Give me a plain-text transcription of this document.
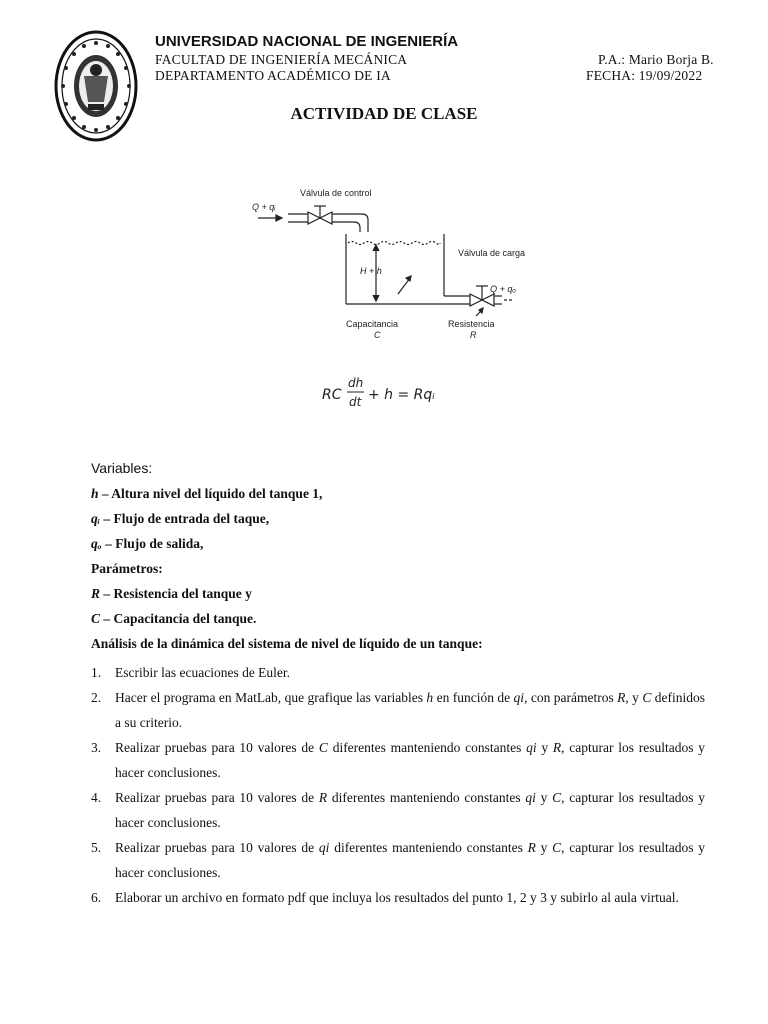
UNIVERSIDAD NACIONAL DE INGENIERÍA
FACULTAD DE INGENIERÍA MECÁNICA
DEPARTAMENTO ACADÉMICO DE IA
P.A.: Mario Borja B.
FECHA: 19/09/2022
ACTIVIDAD DE CLASE
Válvula de control
Q + qᵢ
Válvula de carga
Q + qₒ
H + h
Capacitancia
C
Resistencia
R
RC
dh
dt + h = Rqᵢ
Variables:
h – Altura nivel del líquido del tanque 1,
qᵢ – Flujo de entrada del taque,
qₒ – Flujo de salida,
Parámetros:
R – Resistencia del tanque y
C – Capacitancia del tanque.
Análisis de la dinámica del sistema de nivel de líquido de un tanque:
1.	Escribir las ecuaciones de Euler.
2.	Hacer el programa en MatLab, que grafique las variables h en función de qi, con parámetros R, y C definidos a su criterio.
3.	Realizar pruebas para 10 valores de C diferentes manteniendo constantes qi y R, capturar los resultados y hacer conclusiones.
4.	Realizar pruebas para 10 valores de R diferentes manteniendo constantes qi y C, capturar los resultados y hacer conclusiones.
5.	Realizar pruebas para 10 valores de qi diferentes manteniendo constantes R y C, capturar los resultados y hacer conclusiones.
6.	Elaborar un archivo en formato pdf que incluya los resultados del punto 1, 2 y 3 y subirlo al aula virtual.
